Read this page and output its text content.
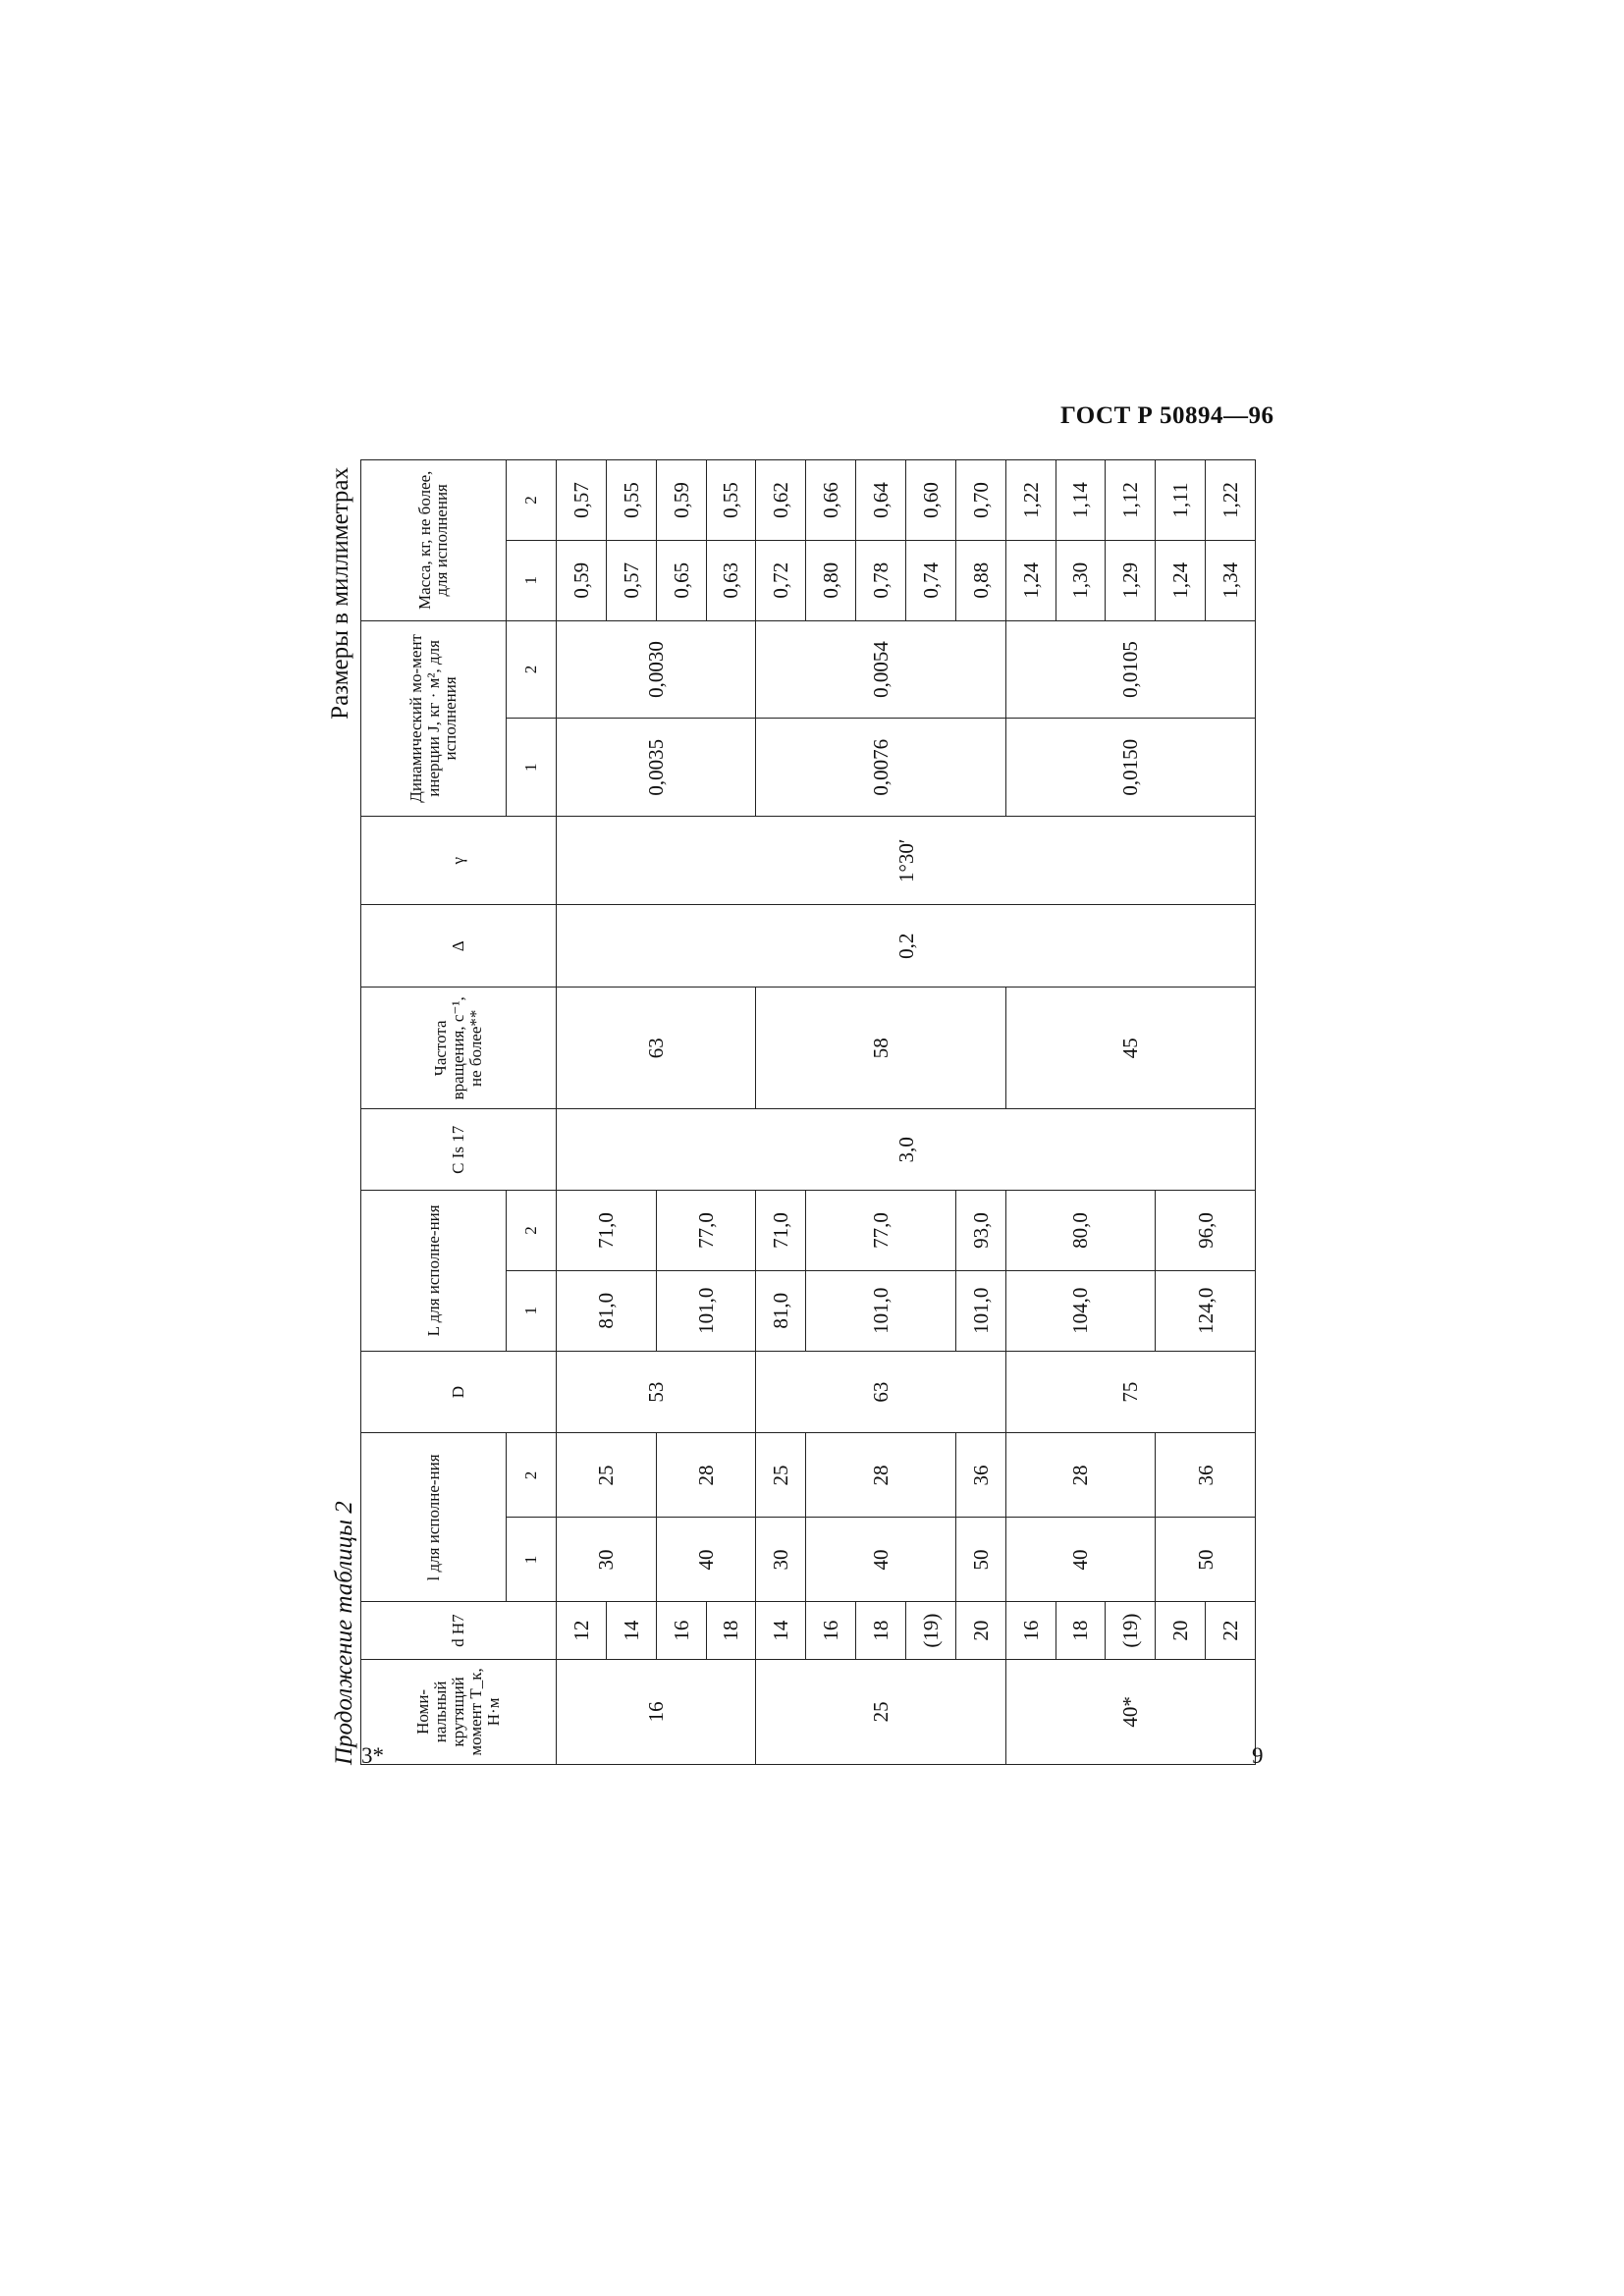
ГОСТ Р 50894—96
Продолжение таблицы 2
Размеры в миллиметрах
Номи-нальный крутящий момент T_к, Н·м	d H7	l для исполне-ния		D	L для исполне-ния		C Is 17	Частота вращения, с⁻¹, не более**	Δ	γ	Динамический мо-мент инерции J, кг · м², для исполнения		Масса, кг, не более, для исполнения	
		1	2		1	2					1	2	1	2
16	12	30	25	53	81,0	71,0	3,0	63	0,2	1°30′	0,0035	0,0030	0,59	0,57
	14												0,57	0,55
	16	40	28		101,0	77,0							0,65	0,59
	18												0,63	0,55
25	14	30	25	63	81,0	71,0		58			0,0076	0,0054	0,72	0,62
	16	40	28		101,0	77,0							0,80	0,66
	18												0,78	0,64
	(19)												0,74	0,60
	20	50	36		101,0	93,0							0,88	0,70
40*	16	40	28	75	104,0	80,0		45			0,0150	0,0105	1,24	1,22
	18												1,30	1,14
	(19)												1,29	1,12
	20	50	36		124,0	96,0							1,24	1,11
	22												1,34	1,22
3*	9
